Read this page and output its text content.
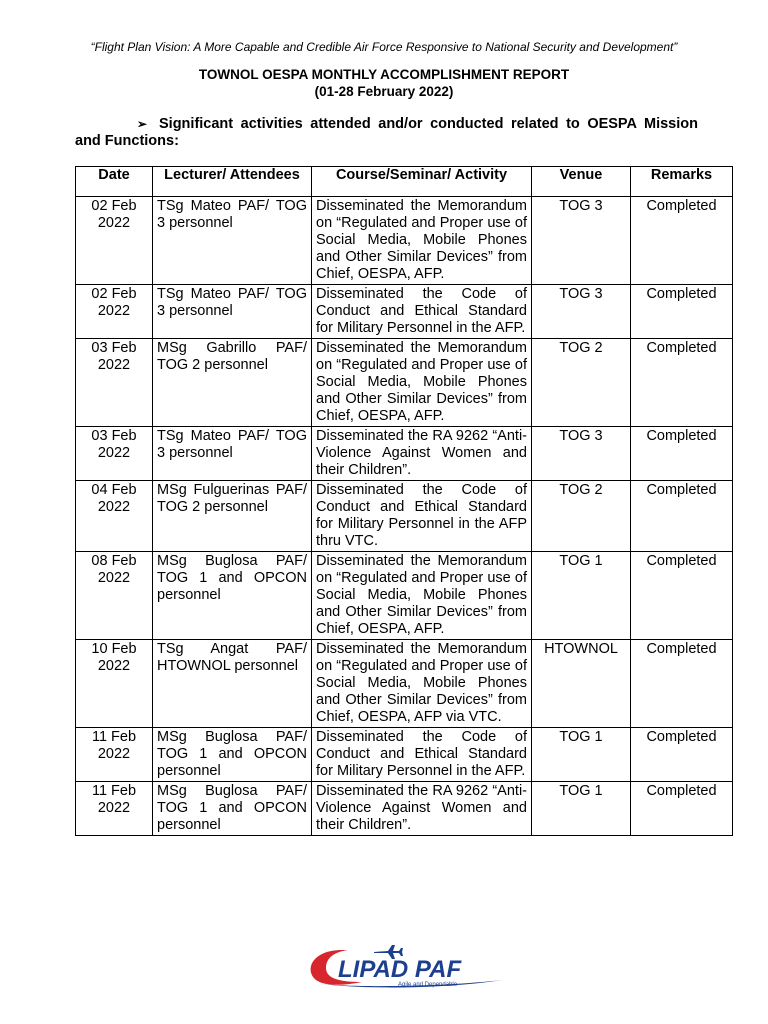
“Flight Plan Vision: A More Capable and Credible Air Force Responsive to National Security and Development”
TOWNOL OESPA MONTHLY ACCOMPLISHMENT REPORT
(01-28 February 2022)
➢ Significant activities attended and/or conducted related to OESPA Mission and Functions:
Date	Lecturer/ Attendees	Course/Seminar/ Activity	Venue	Remarks
02 Feb 2022	TSg Mateo PAF/ TOG 3 personnel	Disseminated the Memorandum on “Regulated and Proper use of Social Media, Mobile Phones and Other Similar Devices” from Chief, OESPA, AFP.	TOG 3	Completed
02 Feb 2022	TSg Mateo PAF/ TOG 3 personnel	Disseminated the Code of Conduct and Ethical Standard for Military Personnel in the AFP.	TOG 3	Completed
03 Feb 2022	MSg Gabrillo PAF/ TOG 2 personnel	Disseminated the Memorandum on “Regulated and Proper use of Social Media, Mobile Phones and Other Similar Devices” from Chief, OESPA, AFP.	TOG 2	Completed
03 Feb 2022	TSg Mateo PAF/ TOG 3 personnel	Disseminated the RA 9262 “Anti-Violence Against Women and their Children”.	TOG 3	Completed
04 Feb 2022	MSg Fulguerinas PAF/ TOG 2 personnel	Disseminated the Code of Conduct and Ethical Standard for Military Personnel in the AFP thru VTC.	TOG 2	Completed
08 Feb 2022	MSg Buglosa PAF/ TOG 1 and OPCON personnel	Disseminated the Memorandum on “Regulated and Proper use of Social Media, Mobile Phones and Other Similar Devices” from Chief, OESPA, AFP.	TOG 1	Completed
10 Feb 2022	TSg Angat PAF/ HTOWNOL personnel	Disseminated the Memorandum on “Regulated and Proper use of Social Media, Mobile Phones and Other Similar Devices” from Chief, OESPA, AFP via VTC.	HTOWNOL	Completed
11 Feb 2022	MSg Buglosa PAF/ TOG 1 and OPCON personnel	Disseminated the Code of Conduct and Ethical Standard for Military Personnel in the AFP.	TOG 1	Completed
11 Feb 2022	MSg Buglosa PAF/ TOG 1 and OPCON personnel	Disseminated the RA 9262 “Anti-Violence Against Women and their Children”.	TOG 1	Completed
LIPAD PAF
Agile and Dependable
